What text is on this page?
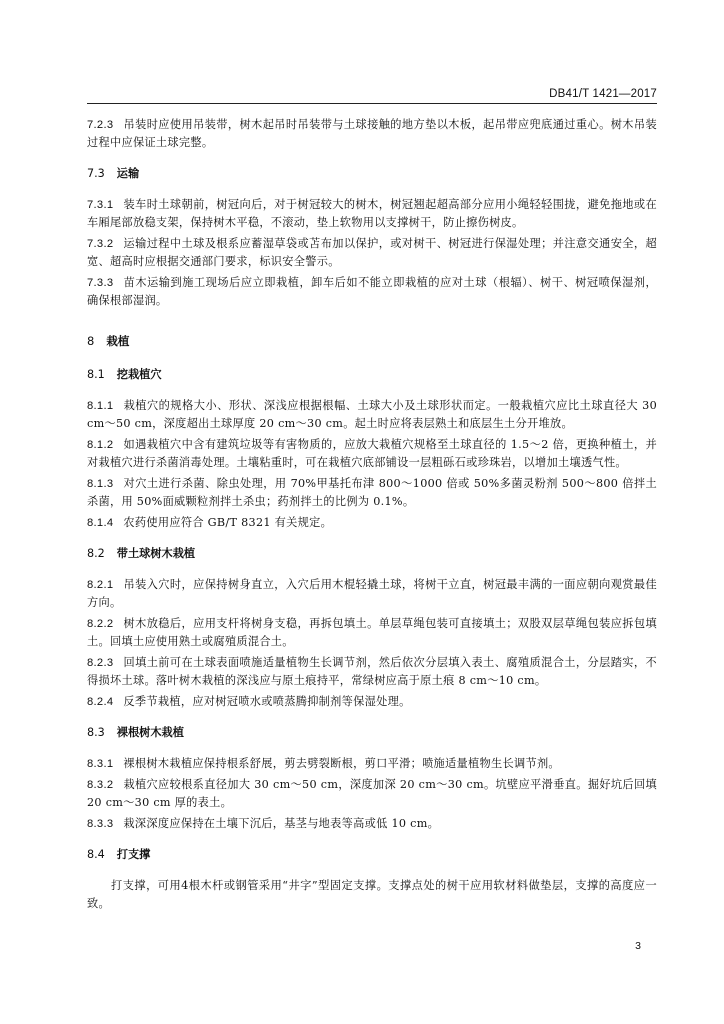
DB41/T 1421—2017
7.2.3 吊装时应使用吊装带，树木起吊时吊装带与土球接触的地方垫以木板，起吊带应兜底通过重心。树木吊装过程中应保证土球完整。
7.3 运输
7.3.1 装车时土球朝前，树冠向后，对于树冠较大的树木，树冠翘起超高部分应用小绳轻轻围拢，避免拖地或在车厢尾部放稳支架，保持树木平稳，不滚动，垫上软物用以支撑树干，防止擦伤树皮。
7.3.2 运输过程中土球及根系应蓄湿草袋或苫布加以保护，或对树干、树冠进行保湿处理；并注意交通安全，超宽、超高时应根据交通部门要求，标识安全警示。
7.3.3 苗木运输到施工现场后应立即栽植，卸车后如不能立即栽植的应对土球（根辐）、树干、树冠喷保湿剂，确保根部湿润。
8 栽植
8.1 挖栽植穴
8.1.1 栽植穴的规格大小、形状、深浅应根据根幅、土球大小及土球形状而定。一般栽植穴应比土球直径大 30 cm～50 cm，深度超出土球厚度 20 cm～30 cm。起土时应将表层熟土和底层生土分开堆放。
8.1.2 如遇栽植穴中含有建筑垃圾等有害物质的，应放大栽植穴规格至土球直径的 1.5～2 倍，更换种植土，并对栽植穴进行杀菌消毒处理。土壤粘重时，可在栽植穴底部铺设一层粗砾石或珍珠岩，以增加土壤透气性。
8.1.3 对穴土进行杀菌、除虫处理，用 70%甲基托布津 800～1000 倍或 50%多菌灵粉剂 500～800 倍拌土杀菌，用 50%面威颗粒剂拌土杀虫；药剂拌土的比例为 0.1%。
8.1.4 农药使用应符合 GB/T 8321 有关规定。
8.2 带土球树木栽植
8.2.1 吊装入穴时，应保持树身直立，入穴后用木棍轻撬土球，将树干立直，树冠最丰满的一面应朝向观赏最佳方向。
8.2.2 树木放稳后，应用支杆将树身支稳，再拆包填土。单层草绳包装可直接填土；双股双层草绳包装应拆包填土。回填土应使用熟土或腐殖质混合土。
8.2.3 回填土前可在土球表面喷施适量植物生长调节剂，然后依次分层填入表土、腐殖质混合土，分层踏实，不得损坏土球。落叶树木栽植的深浅应与原土痕持平，常绿树应高于原土痕 8 cm～10 cm。
8.2.4 反季节栽植，应对树冠喷水或喷蒸腾抑制剂等保湿处理。
8.3 裸根树木栽植
8.3.1 裸根树木栽植应保持根系舒展，剪去劈裂断根，剪口平滑；喷施适量植物生长调节剂。
8.3.2 栽植穴应较根系直径加大 30 cm～50 cm，深度加深 20 cm～30 cm。坑壁应平滑垂直。掘好坑后回填 20 cm～30 cm 厚的表土。
8.3.3 栽深深度应保持在土壤下沉后，基茎与地表等高或低 10 cm。
8.4 打支撑
打支撑，可用4根木杆或钢管采用“井字”型固定支撑。支撑点处的树干应用软材料做垫层，支撑的高度应一致。
3
